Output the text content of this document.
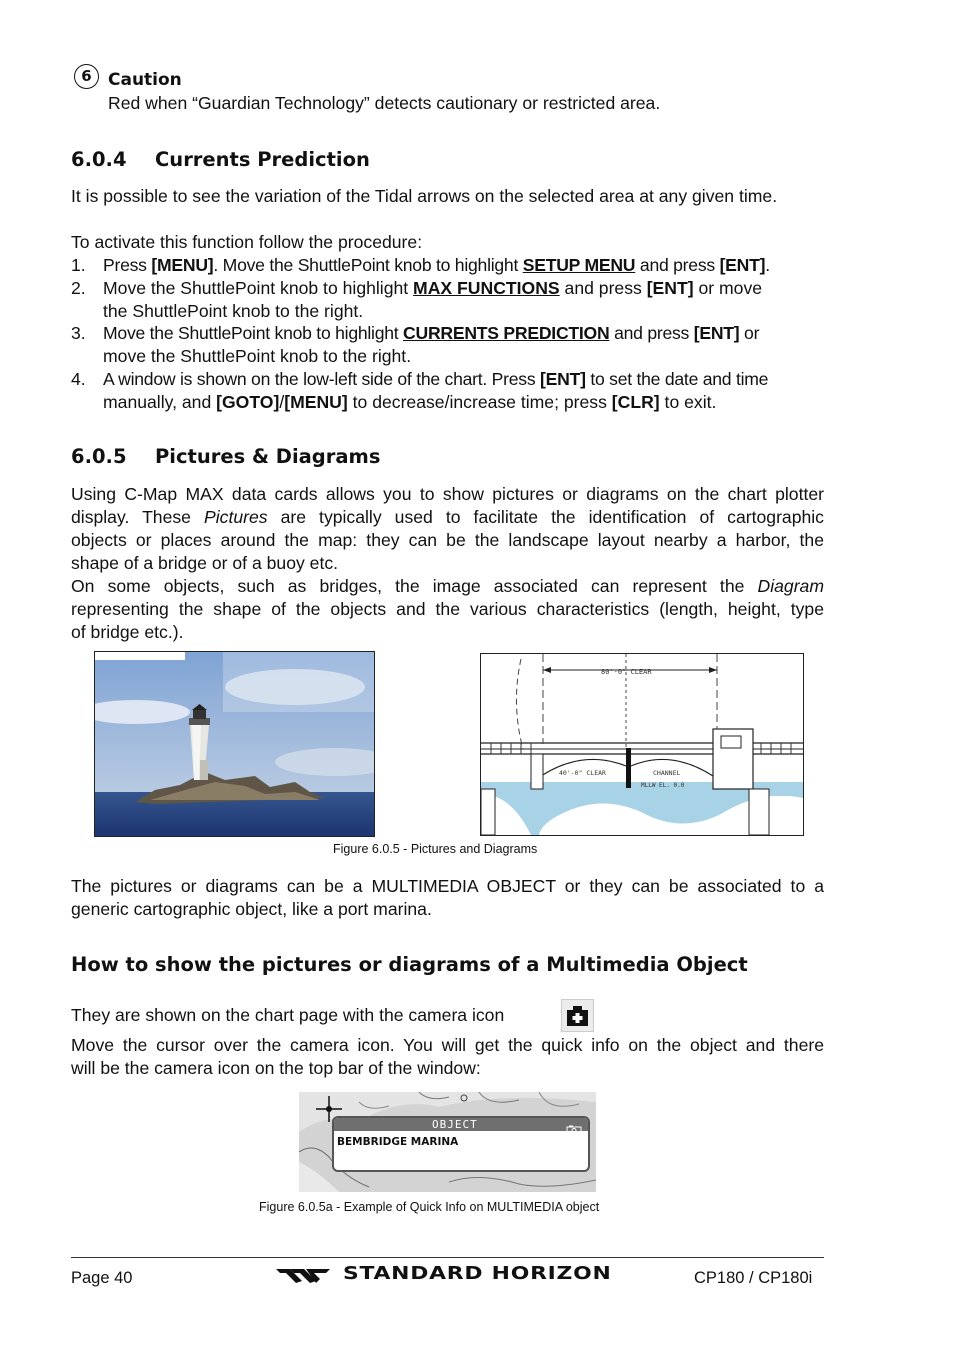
6 Caution
Red when “Guardian Technology” detects cautionary or restricted area.
6.0.4 Currents Prediction
It is possible to see the variation of the Tidal arrows on the selected area at any given time.
To activate this function follow the procedure:
1. Press [MENU]. Move the ShuttlePoint knob to highlight SETUP MENU and press [ENT].
2. Move the ShuttlePoint knob to highlight MAX FUNCTIONS and press [ENT] or move
the ShuttlePoint knob to the right.
3. Move the ShuttlePoint knob to highlight CURRENTS PREDICTION and press [ENT] or
move the ShuttlePoint knob to the right.
4. A window is shown on the low-left side of the chart. Press [ENT] to set the date and time
manually, and [GOTO]/[MENU] to decrease/increase time; press [CLR] to exit.
6.0.5 Pictures & Diagrams
Using C-Map MAX data cards allows you to show pictures or diagrams on the chart plotter
display. These Pictures are typically used to facilitate the identification of cartographic
objects or places around the map: they can be the landscape layout nearby a harbor, the
shape of a bridge or of a buoy etc.
On some objects, such as bridges, the image associated can represent the Diagram
representing the shape of the objects and the various characteristics (length, height, type
of bridge etc.).
80'-0" CLEAR
40'-0" CLEAR	CHANNEL
MLLW EL. 0.0
Figure 6.0.5 - Pictures and Diagrams
The pictures or diagrams can be a MULTIMEDIA OBJECT or they can be associated to a
generic cartographic object, like a port marina.
How to show the pictures or diagrams of a Multimedia Object
They are shown on the chart page with the camera icon
Move the cursor over the camera icon. You will get the quick info on the object and there
will be the camera icon on the top bar of the window:
OBJECT
BEMBRIDGE MARINA
Figure 6.0.5a - Example of Quick Info on MULTIMEDIA object
Page 40	STANDARD HORIZON	CP180 / CP180i
